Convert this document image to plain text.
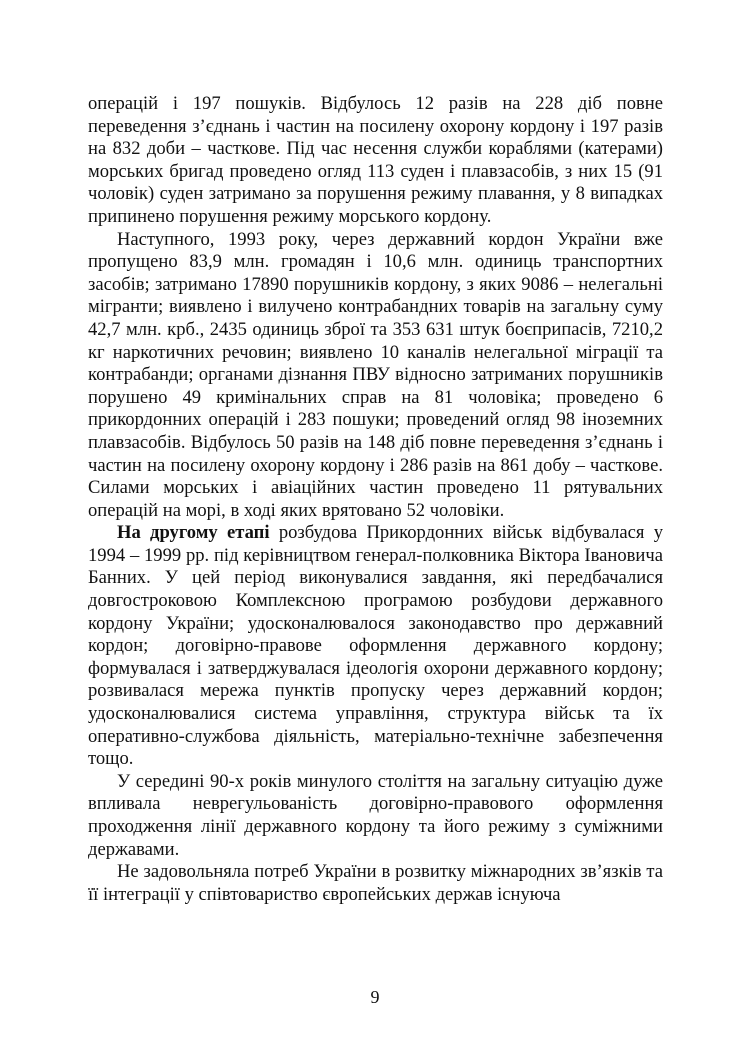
операцій і 197 пошуків. Відбулось 12 разів на 228 діб повне переведення з’єднань і частин на посилену охорону кордону і 197 разів на 832 доби – часткове. Під час несення служби кораблями (катерами) морських бригад проведено огляд 113 суден і плавзасобів, з них 15 (91 чоловік) суден затримано за порушення режиму плавання, у 8 випадках припинено порушення режиму морського кордону.

Наступного, 1993 року, через державний кордон України вже пропущено 83,9 млн. громадян і 10,6 млн. одиниць транспортних засобів; затримано 17890 порушників кордону, з яких 9086 – нелегальні мігранти; виявлено і вилучено контрабандних товарів на загальну суму 42,7 млн. крб., 2435 одиниць зброї та 353 631 штук боєприпасів, 7210,2 кг наркотичних речовин; виявлено 10 каналів нелегальної міграції та контрабанди; органами дізнання ПВУ відносно затриманих порушників порушено 49 кримінальних справ на 81 чоловіка; проведено 6 прикордонних операцій і 283 пошуки; проведений огляд 98 іноземних плавзасобів. Відбулось 50 разів на 148 діб повне переведення з’єднань і частин на посилену охорону кордону і 286 разів на 861 добу – часткове. Силами морських і авіаційних частин проведено 11 рятувальних операцій на морі, в ході яких врятовано 52 чоловіки.

На другому етапі розбудова Прикордонних військ відбувалася у 1994 – 1999 рр. під керівництвом генерал-полковника Віктора Івановича Банних. У цей період виконувалися завдання, які передбачалися довгостроковою Комплексною програмою розбудови державного кордону України; удосконалювалося законодавство про державний кордон; договірно-правове оформлення державного кордону; формувалася і затверджувалася ідеологія охорони державного кордону; розвивалася мережа пунктів пропуску через державний кордон; удосконалювалися система управління, структура військ та їх оперативно-службова діяльність, матеріально-технічне забезпечення тощо.

У середині 90-х років минулого століття на загальну ситуацію дуже впливала неврегульованість договірно-правового оформлення проходження лінії державного кордону та його режиму з суміжними державами.

Не задовольняла потреб України в розвитку міжнародних зв’язків та її інтеграції у співтовариство європейських держав існуюча

9
